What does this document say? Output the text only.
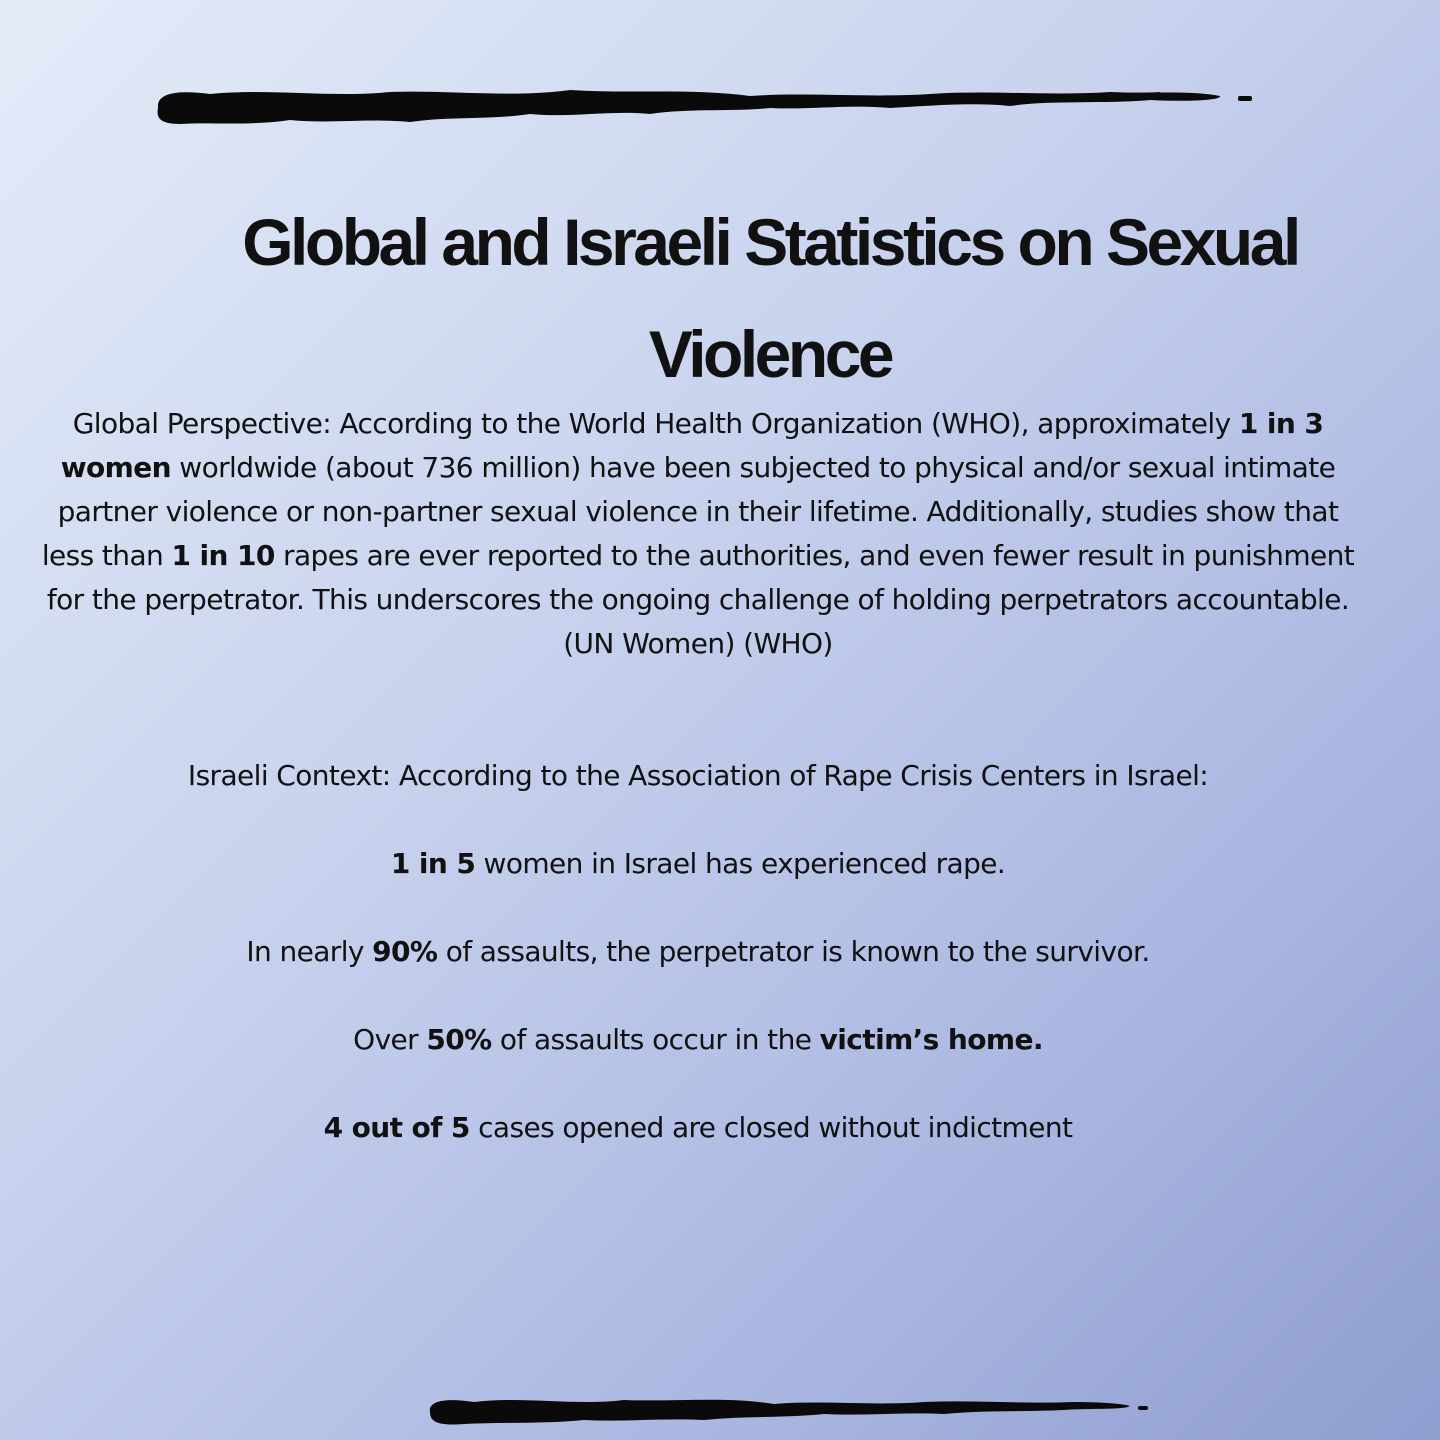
Global and Israeli Statistics on Sexual Violence

Global Perspective: According to the World Health Organization (WHO), approximately 1 in 3 women worldwide (about 736 million) have been subjected to physical and/or sexual intimate partner violence or non-partner sexual violence in their lifetime. Additionally, studies show that less than 1 in 10 rapes are ever reported to the authorities, and even fewer result in punishment for the perpetrator. This underscores the ongoing challenge of holding perpetrators accountable. (UN Women) (WHO)

Israeli Context: According to the Association of Rape Crisis Centers in Israel:

1 in 5 women in Israel has experienced rape.

In nearly 90% of assaults, the perpetrator is known to the survivor.

Over 50% of assaults occur in the victim’s home.

4 out of 5 cases opened are closed without indictment
